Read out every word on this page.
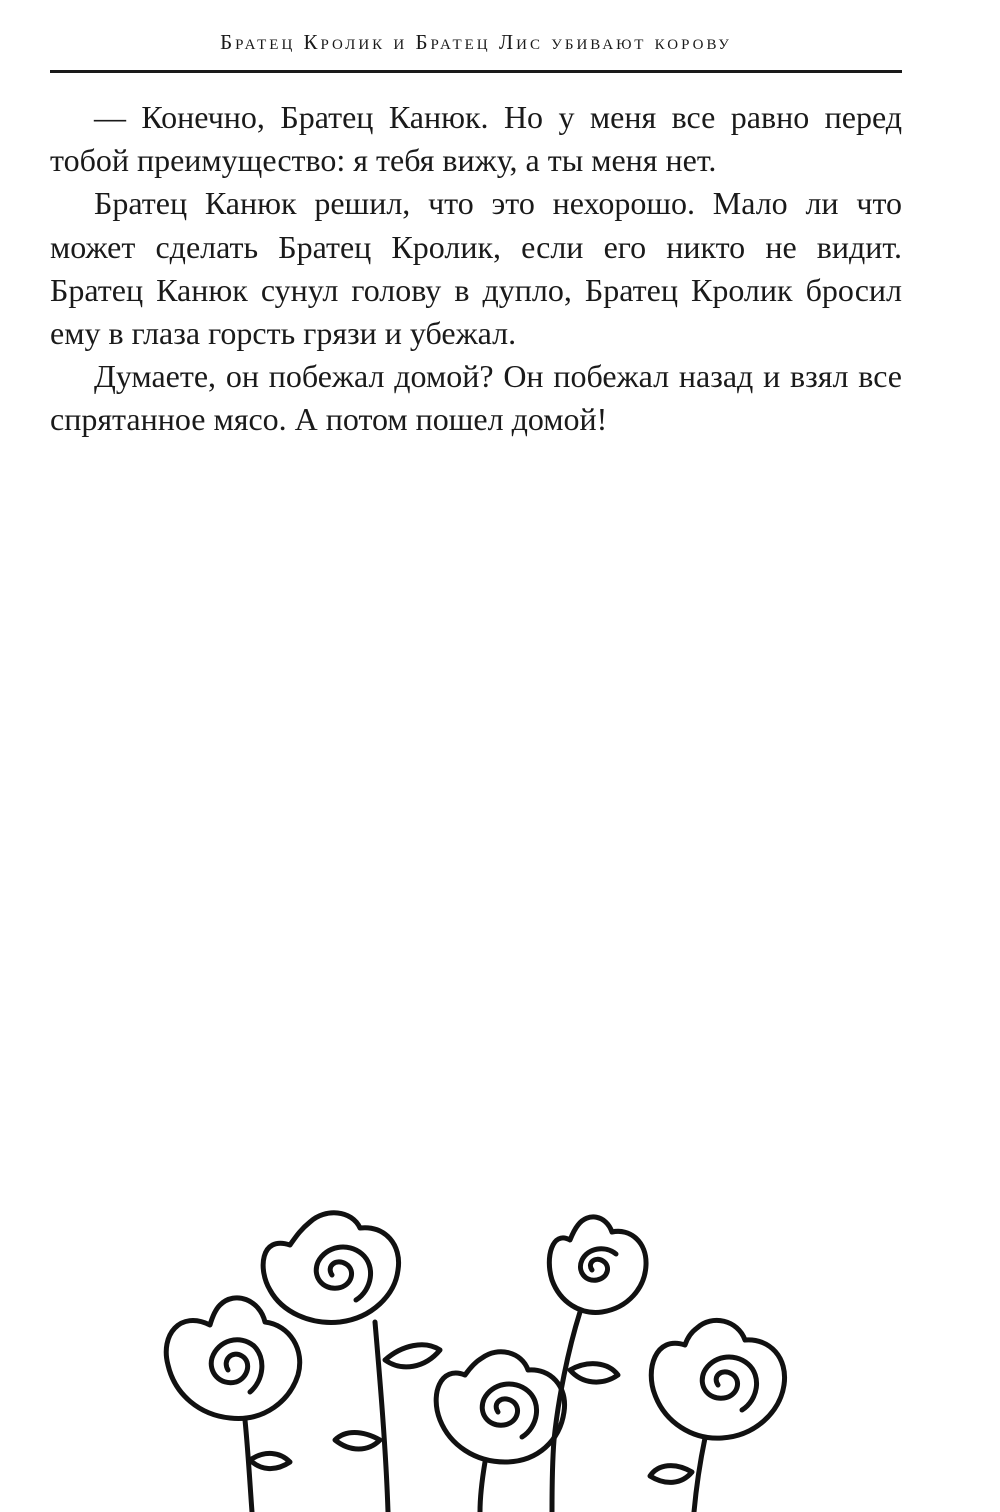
Братец Кролик и Братец Лис убивают корову

— Конечно, Братец Канюк. Но у меня все равно перед тобой преимущество: я тебя вижу, а ты меня нет.

Братец Канюк решил, что это нехорошо. Мало ли что может сделать Братец Кролик, если его никто не видит. Братец Канюк сунул голову в дупло, Братец Кролик бросил ему в глаза горсть грязи и убежал.

Думаете, он побежал домой? Он побежал назад и взял все спрятанное мясо. А потом пошел домой!
